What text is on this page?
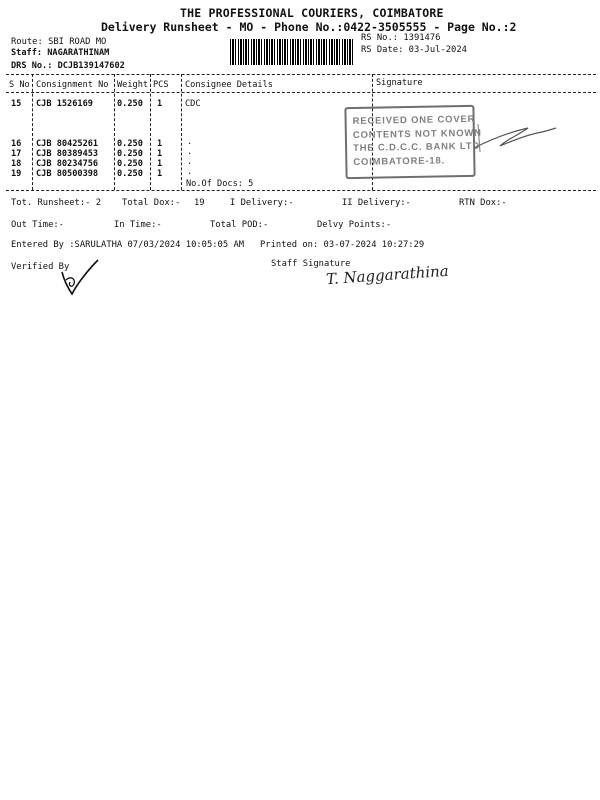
THE PROFESSIONAL COURIERS, COIMBATORE
Delivery Runsheet - MO - Phone No.:0422-3505555 - Page No.:2
Route: SBI ROAD MO
Staff: NAGARATHINAM
DRS No.: DCJB139147602
RS No.: 1391476
RS Date: 03-Jul-2024
S No Consignment No Weight PCS Consignee Details	Signature
15 CJB 1526169	0.250 1	CDC
16 CJB 80425261 0.250 1	.
17 CJB 80389453 0.250 1	.
18 CJB 80234756 0.250 1	.
19 CJB 80500398 0.250 1	.
No.Of Docs: 5
RECEIVED ONE COVER
CONTENTS NOT KNOWN
THE C.D.C.C. BANK LTD
COIMBATORE-18.
Tot. Runsheet:- 2 Total Dox:- 19	I Delivery:-	II Delivery:-	RTN Dox:-
Out Time:-	In Time:-	Total POD:-	Delvy Points:-
Entered By :SARULATHA 07/03/2024 10:05:05 AM Printed on: 03-07-2024 10:27:29
Verified By	Staff Signature
T. Naggarathina
